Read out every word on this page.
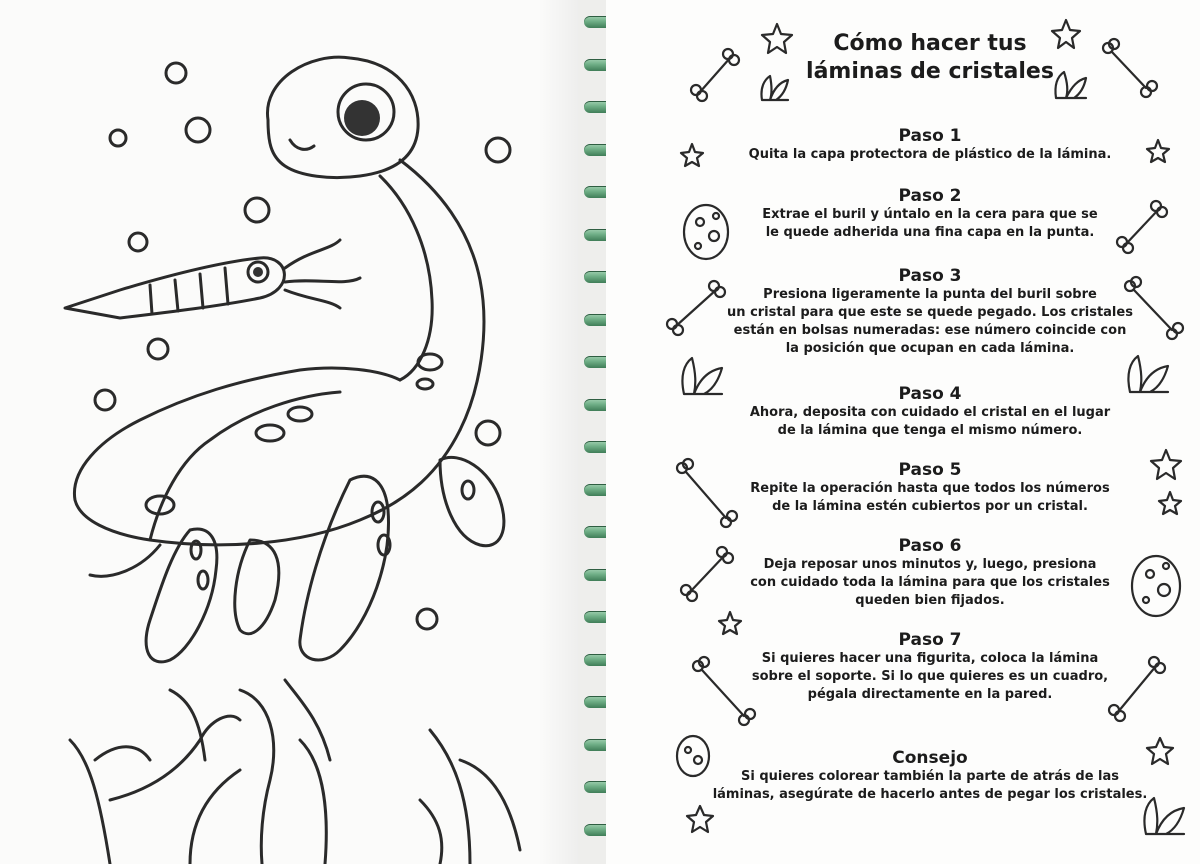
Cómo hacer tus
láminas de cristales
Paso 1
Quita la capa protectora de plástico de la lámina.
Paso 2
Extrae el buril y úntalo en la cera para que se
le quede adherida una fina capa en la punta.
Paso 3
Presiona ligeramente la punta del buril sobre
un cristal para que este se quede pegado. Los cristales
están en bolsas numeradas: ese número coincide con
la posición que ocupan en cada lámina.
Paso 4
Ahora, deposita con cuidado el cristal en el lugar
de la lámina que tenga el mismo número.
Paso 5
Repite la operación hasta que todos los números
de la lámina estén cubiertos por un cristal.
Paso 6
Deja reposar unos minutos y, luego, presiona
con cuidado toda la lámina para que los cristales
queden bien fijados.
Paso 7
Si quieres hacer una figurita, coloca la lámina
sobre el soporte. Si lo que quieres es un cuadro,
pégala directamente en la pared.
Consejo
Si quieres colorear también la parte de atrás de las
láminas, asegúrate de hacerlo antes de pegar los cristales.
